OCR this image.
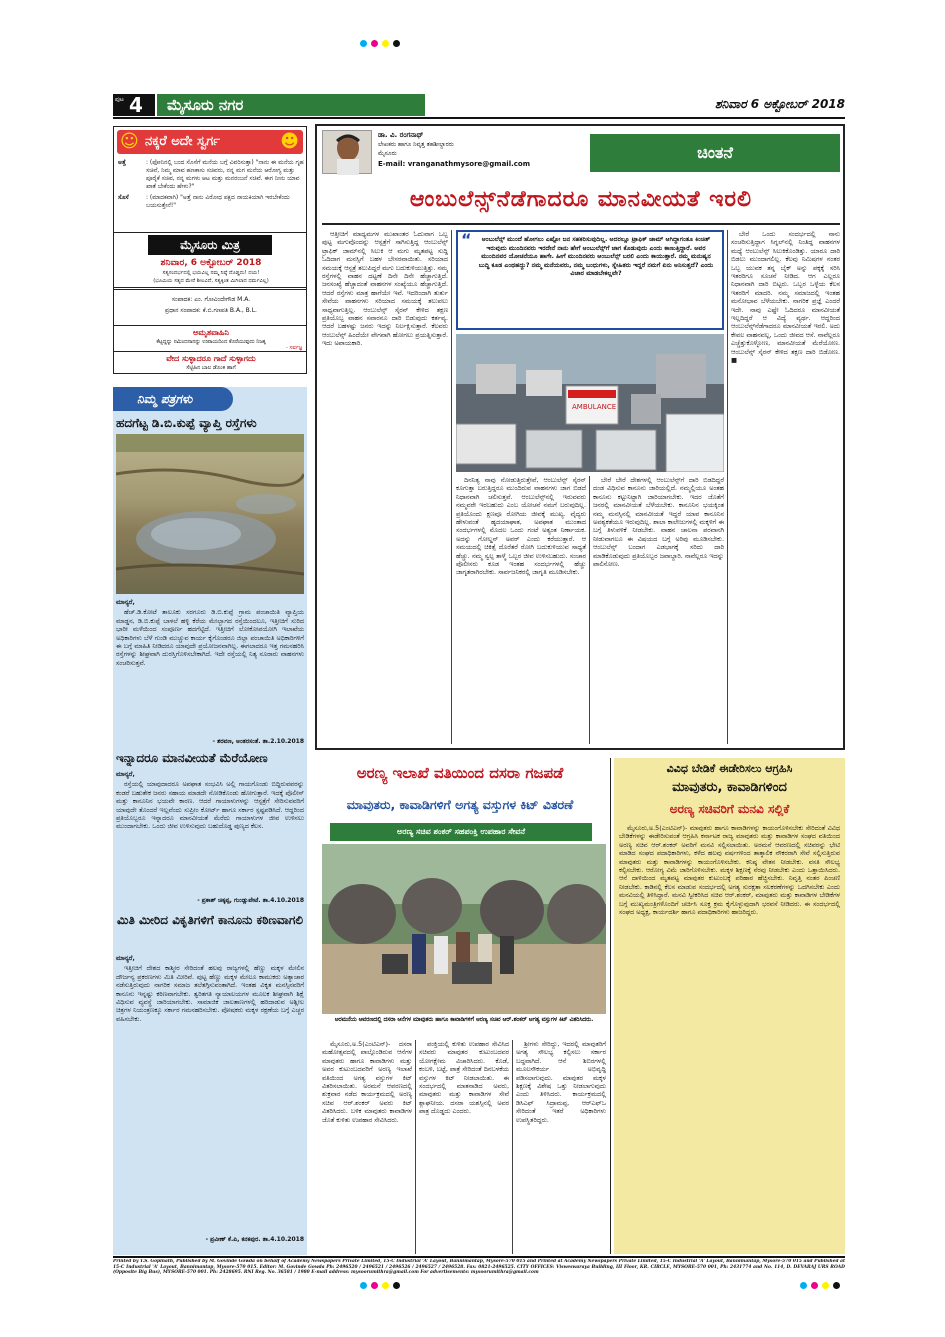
ಪುಟ 4 ಮೈಸೂರು ನಗರ	ಶನಿವಾರ 6 ಅಕ್ಟೋಬರ್ 2018
☺ ನಕ್ಕರೆ ಅದೇ ಸ್ವರ್ಗ	☻
ಅತ್ತೆ	: (ಫೋನಿನಲ್ಲಿ ಬಂದ ಸೊಸೆಗೆ ಮನೆಯ ಬಗ್ಗೆ ವಿವರಿಸುತ್ತಾ) "ನಾನು ಈ ಮನೆಯ ಗೃಹ ಸಚಿವೆ, ನಿಮ್ಮ ಮಾವ ಹಣಕಾಸು ಸಚಿವರು, ನನ್ನ ಮಗ ಮನೆಯ ಆರೋಗ್ಯ ಮತ್ತು ಪೂರೈಕೆ ಸಚಿವ, ನನ್ನ ಮಗಳು ಆಟ ಮತ್ತು ಮನರಂಜನೆ ಸಚಿವೆ. ಈಗ ನೀನು ಯಾವ ಖಾತೆ ಬೇಕೆಂದು ಹೇಳು?"
ಸೊಸೆ	: (ಮಾದಕವಾಗಿ) "ಅತ್ತೆ ನಾನು ವಿರೋಧ ಪಕ್ಷದ ನಾಯಕಿಯಾಗಿ ಇರಬೇಕೆಂದು ಬಯಸುತ್ತೇನೆ!"
ಮೈಸೂರು ಮಿತ್ರ
ಶನಿವಾರ, 6 ಅಕ್ಟೋಬರ್ 2018
ಸತ್ಯಸಂದರ್ಭದಲ್ಲಿ ಭಯವಿಲ್ಲ ನಮ್ಮ ನಿಷ್ಠೆ ದೊಡ್ಡದು! ದಯ!
(ಭೂಮಿಯ ಸತ್ಯದ ಮೇರೆ ಶೀಲವಿದೆ, ಸತ್ಯಕ್ಕಿಂತ ಮಿಗಿಲಾದ ಧರ್ಮವಿಲ್ಲ)
ಸಂಪಾದಕ: ಎಂ. ಗೋವಿಂದೇಗೌಡ M.A.
ಪ್ರಧಾನ ಸಂಪಾದಕ: ಕೆ.ಬಿ.ಗಣಪತಿ B.A., B.L.
ಅಮೃತವಾಹಿನಿ
ಕೆಟ್ಟದ್ದನ್ನು ನಮಿಂದನಾನನ್ನು ಉಪಾಯದಿಂದ ಕೊರೆಯುವುದು ನಿಜಕ್ಕ
- ಸರ್ವಜ್ಞ
ವೇದ ಸುಳ್ಳಾದರೂ ಗಾದೆ ಸುಳ್ಳಾಗದು
ಸೆಟ್ಟಿಹಿನ ಬಾಲ ಡೊಂಕ ಹಾಗೆ
ನಿಮ್ಮ ಪತ್ರಗಳು
ಹದಗೆಟ್ಟ ಡಿ.ಬಿ.ಕುಪ್ಪೆ ವ್ಯಾಪ್ತಿ ರಸ್ತೆಗಳು

ಮಾನ್ಯರೆ,

ಹೆಚ್.ಡಿ.ಕೋಟೆ ತಾಲೂಕು ಸರಗೂರು ಡಿ.ಬಿ.ಕುಪ್ಪೆ ಗ್ರಾಮ ಪಂಚಾಯಿತಿ ವ್ಯಾಪ್ತಿಯ ಮಾಡ್ಡನ, ಡಿ.ಬಿ.ಕುಪ್ಪೆ ಬಾಳಲೆ ಹಳ್ಳಿ ಕೆರೆಯ ಮೇಲ್ಭಾಗದ ರಸ್ತೆಯಿಂದಲೂ, ಇತ್ತೀಚಿಗೆ ಸುರಿದ ಭಾರೀ ಮಳೆಯಿಂದ ಸಂಪೂರ್ಣ ಹದಗೆಟ್ಟಿದೆ. ಇತ್ತೀಚಿಗೆ ಲೋಕೋಪಯೋಗಿ ಇಲಾಖೆಯ ಅಧಿಕಾರಿಗಳು ಬೆಳೆ ಗುಂಡಿ ಮುಚ್ಚುವ ಕಾರ್ಯ ಕೈಗೊಂಡರೂ ಜಿಲ್ಲಾ ಪಂಚಾಯಿತಿ ಅಧಿಕಾರಿಗಳಿಗೆ ಈ ಬಗ್ಗೆ ಮಾಹಿತಿ ನೀಡಿದರೂ ಯಾವುದೇ ಪ್ರಯೋಜನವಾಗಿಲ್ಲ. ಈಗಲಾದರೂ ಇತ್ತ ಗಮನಹರಿಸಿ ರಸ್ತೆಗಳನ್ನು ಶೀಘ್ರವಾಗಿ ದುರಸ್ತಿಗೊಳಿಸಬೇಕಾಗಿದೆ. ಇದೇ ರಸ್ತೆಯಲ್ಲಿ ನಿತ್ಯ ನೂರಾರು ವಾಹನಗಳು ಸಂಚರಿಸುತ್ತವೆ.

- ಶರವಣ, ಅಂತರಸಂತೆ. ತಾ.2.10.2018
ಇನ್ನಾದರೂ ಮಾನವೀಯತೆ ಮೆರೆಯೋಣ

ಮಾನ್ಯರೆ,

ರಸ್ತೆಯಲ್ಲಿ ಯಾವುದಾದರೂ ಅಪಘಾತ ಸಂಭವಿಸಿ ಅಲ್ಲಿ ಗಾಯಗೊಂಡು ಬಿದ್ದಿರುವವರನ್ನು ಕಂಡರೆ ಬಹುತೇಕ ಜನರು ಸಹಾಯ ಮಾಡದೇ ನೋಡಿಕೊಂಡು ಹೋಗುತ್ತಾರೆ. ಇದಕ್ಕೆ ಪೊಲೀಸ್ ಮತ್ತು ಕಾನೂನಿನ ಭಯವೇ ಕಾರಣ. ಆದರೆ ಗಾಯಾಳುಗಳನ್ನು ಆಸ್ಪತ್ರೆಗೆ ಸೇರಿಸುವವರಿಗೆ ಯಾವುದೇ ತೊಂದರೆ ಇಲ್ಲವೆಂದು ಸುಪ್ರೀಂ ಕೋರ್ಟ್ ಹಾಗೂ ಸರ್ಕಾರ ಸ್ಪಷ್ಟಪಡಿಸಿದೆ. ಆದ್ದರಿಂದ ಪ್ರತಿಯೊಬ್ಬರೂ ಇನ್ನಾದರೂ ಮಾನವೀಯತೆ ಮೆರೆದು ಗಾಯಾಳುಗಳ ಜೀವ ಉಳಿಸಲು ಮುಂದಾಗಬೇಕು. ಒಂದು ಜೀವ ಉಳಿಸುವುದು ಬಹುದೊಡ್ಡ ಪುಣ್ಯದ ಕೆಲಸ.

- ಪ್ರಕಾಶ್ ಚಿಕ್ಕಪ್ಪ, ಗುಂಡ್ಲುಪೇಟೆ. ತಾ.4.10.2018
ಮಿತಿ ಮೀರಿದ ವಿಕೃತಿಗಳಿಗೆ ಕಾನೂನು ಕಠಿಣವಾಗಲಿ

ಮಾನ್ಯರೆ,

ಇತ್ತೀಚಿಗೆ ದೇಶದ ಕಾಶ್ಮೀರ ಸೇರಿದಂತೆ ಹಲವು ರಾಜ್ಯಗಳಲ್ಲಿ ಹೆಣ್ಣು ಮಕ್ಕಳ ಮೇಲಿನ ದೌರ್ಜನ್ಯ ಪ್ರಕರಣಗಳು ಮಿತಿ ಮೀರಿವೆ. ಪುಟ್ಟ ಹೆಣ್ಣು ಮಕ್ಕಳ ಮೇಲೂ ಕಾಮುಕರು ಅತ್ಯಾಚಾರ ನಡೆಸುತ್ತಿರುವುದು ನಾಗರಿಕ ಸಮಾಜ ತಲೆತಗ್ಗಿಸುವಂತಾಗಿದೆ. ಇಂತಹ ವಿಕೃತ ಮನಸ್ಸಿನವರಿಗೆ ಕಾನೂನು ಇನ್ನಷ್ಟು ಕಠಿಣವಾಗಬೇಕು. ತ್ವರಿತಗತಿ ನ್ಯಾಯಾಲಯಗಳ ಮೂಲಕ ಶೀಘ್ರವಾಗಿ ಶಿಕ್ಷೆ ವಿಧಿಸುವ ವ್ಯವಸ್ಥೆ ಜಾರಿಯಾಗಬೇಕು. ಸಾಮಾಜಿಕ ಜಾಲತಾಣಗಳಲ್ಲಿ ಹರಿದಾಡುವ ಅಶ್ಲೀಲ ಚಿತ್ರಗಳ ನಿಯಂತ್ರಣಕ್ಕೂ ಸರ್ಕಾರ ಗಮನಹರಿಸಬೇಕು. ಪೋಷಕರು ಮಕ್ಕಳ ರಕ್ಷಣೆಯ ಬಗ್ಗೆ ಎಚ್ಚರ ವಹಿಸಬೇಕು.

- ಪ್ರವೀಣ್ ಕೆ.ಪಿ, ಕನಕಪುರ. ತಾ.4.10.2018
ಡಾ. ವಿ. ರಂಗನಾಥ್
ಲೇಖಕರು ಹಾಗೂ ನಿವೃತ್ತ ತಹಶೀಲ್ದಾರರು
ಮೈಸೂರು
E-mail: vranganathmysore@gmail.com
ಚಿಂತನೆ
ಆಂಬುಲೆನ್ಸ್‌ನೆಡೆಗಾದರೂ ಮಾನವೀಯತೆ ಇರಲಿ

ಆತ್ತೀಚಿಗೆ ಮಾಧ್ಯಮಗಳ ಮುಖಾಂತರ ಓದುವಾಗ ಒಬ್ಬ ಪುಟ್ಟ ಮಗುವೊಂದನ್ನು ಆಸ್ಪತ್ರೆಗೆ ಸಾಗಿಸುತ್ತಿದ್ದ ಆಂಬುಲೆನ್ಸ್ ಟ್ರಾಫಿಕ್ ಜಾಮ್‌ನಲ್ಲಿ ಸಿಲುಕಿ ಆ ಮಗು ಮೃತಪಟ್ಟ ಸುದ್ದಿ ಓದಿದಾಗ ಮನಸ್ಸಿಗೆ ಬಹಳ ಬೇಸರವಾಯಿತು. ಸರಿಯಾದ ಸಮಯಕ್ಕೆ ಆಸ್ಪತ್ರೆ ತಲುಪಿದ್ದರೆ ಮಗು ಬದುಕುಳಿಯುತ್ತಿತ್ತು. ನಮ್ಮ ರಸ್ತೆಗಳಲ್ಲಿ ವಾಹನ ದಟ್ಟಣೆ ದಿನೇ ದಿನೇ ಹೆಚ್ಚಾಗುತ್ತಿದೆ. ಜನಸಂಖ್ಯೆ ಹೆಚ್ಚಾದಂತೆ ವಾಹನಗಳ ಸಂಖ್ಯೆಯೂ ಹೆಚ್ಚಾಗುತ್ತಿದೆ. ಆದರೆ ರಸ್ತೆಗಳು ಮಾತ್ರ ಹಾಗೆಯೇ ಇವೆ. ಇದರಿಂದಾಗಿ ತುರ್ತು ಸೇವೆಯ ವಾಹನಗಳು ಸರಿಯಾದ ಸಮಯಕ್ಕೆ ತಲುಪಲು ಸಾಧ್ಯವಾಗುತ್ತಿಲ್ಲ. ಆಂಬುಲೆನ್ಸ್ ಸೈರನ್ ಕೇಳಿದ ತಕ್ಷಣ ಪ್ರತಿಯೊಬ್ಬ ವಾಹನ ಸವಾರನೂ ದಾರಿ ಬಿಡುವುದು ಕರ್ತವ್ಯ. ಆದರೆ ಬಹಳಷ್ಟು ಜನರು ಇದನ್ನು ನಿರ್ಲಕ್ಷಿಸುತ್ತಾರೆ. ಕೆಲವರು ಆಂಬುಲೆನ್ಸ್ ಹಿಂದೆಯೇ ವೇಗವಾಗಿ ಹೋಗಲು ಪ್ರಯತ್ನಿಸುತ್ತಾರೆ. ಇದು ಅಪಾಯಕಾರಿ.

“	ಆಂಬುಲೆನ್ಸ್ ಮುಂದೆ ಹೋಗಲು ಎಷ್ಟೋ ಜನ ಸಹಕರಿಸುವುದಿಲ್ಲ. ಅದರಲ್ಲೂ ಟ್ರಾಫಿಕ್ ಜಾಮ್ ಆಗಿದ್ದಾಗಂತೂ ಕಿಂಚಿತ್ ಇರುವುದು ಮುಂದಿನವರು ಇರದೇನೆ ನಾನು ಹೇಗೆ ಆಂಬುಲೆನ್ಸ್‌ಗೆ ಜಾಗ ಕೊಡುವುದು ಎಂದು ಕಾಣುತ್ತಿದ್ದಾರೆ. ಅವರ ಮುಂದಿನವರ ಯೋಚನೆಯೂ ಹಾಗೇ. ಹೀಗೆ ಮುಂದಿನವರು ಆಂಬುಲೆನ್ಸ್ ಬರಲಿ ಎಂದು ಕಾಯುತ್ತಾರೆ. ನಮ್ಮ ಮನುಷ್ಯನ ಬುದ್ಧಿ ಕೂಡ ಎಂಥಹದ್ದು? ನಮ್ಮ ಮನೆಯವರು, ನಮ್ಮ ಬಂಧುಗಳು, ಸ್ನೇಹಿತರು ಇದ್ದರೆ ನಮಗೆ ಏನು ಅನಿಸುತ್ತದೆ? ಎಂದು ವಿಚಾರ ಮಾಡಬೇಕಲ್ಲವೇ?
AMBULANCE

ದಿನನಿತ್ಯ ನಾವು ನೋಡುತ್ತಿರುತ್ತೇವೆ, ಆಂಬುಲೆನ್ಸ್ ಸೈರನ್ ಕೂಗುತ್ತಾ ಬರುತ್ತಿದ್ದರೂ ಮುಂದಿರುವ ವಾಹನಗಳು ಜಾಗ ಬಿಡದೆ ನಿಧಾನವಾಗಿ ಚಲಿಸುತ್ತವೆ. ಆಂಬುಲೆನ್ಸ್‌ನಲ್ಲಿ ಇರುವವರು ನಮ್ಮವರೇ ಇರಬಹುದು ಎಂಬ ಯೋಚನೆ ನಮಗೆ ಬರುವುದಿಲ್ಲ. ಪ್ರತಿಯೊಂದು ಕ್ಷಣವೂ ರೋಗಿಯ ಜೀವಕ್ಕೆ ಮುಖ್ಯ. ವೈದ್ಯರು ಹೇಳುವಂತೆ ಹೃದಯಾಘಾತ, ಅಪಘಾತ ಮುಂತಾದ ಸಂದರ್ಭಗಳಲ್ಲಿ ಮೊದಲ ಒಂದು ಗಂಟೆ ಅತ್ಯಂತ ನಿರ್ಣಾಯಕ. ಅದನ್ನು ಗೋಲ್ಡನ್ ಅವರ್ ಎಂದು ಕರೆಯುತ್ತಾರೆ. ಆ ಸಮಯದಲ್ಲಿ ಚಿಕಿತ್ಸೆ ದೊರೆತರೆ ರೋಗಿ ಬದುಕುಳಿಯುವ ಸಾಧ್ಯತೆ ಹೆಚ್ಚು. ನಮ್ಮ ಸ್ವಲ್ಪ ತಾಳ್ಮೆ ಒಬ್ಬರ ಜೀವ ಉಳಿಸಬಹುದು. ಸಂಚಾರ ಪೊಲೀಸರು ಕೂಡ ಇಂತಹ ಸಂದರ್ಭಗಳಲ್ಲಿ ಹೆಚ್ಚು ಜಾಗೃತರಾಗಿರಬೇಕು. ಸಾರ್ವಜನಿಕರಲ್ಲಿ ಜಾಗೃತಿ ಮೂಡಿಸಬೇಕು.

ಬೇರೆ ಬೇರೆ ದೇಶಗಳಲ್ಲಿ ಆಂಬುಲೆನ್ಸ್‌ಗೆ ದಾರಿ ಬಿಡದಿದ್ದರೆ ದಂಡ ವಿಧಿಸುವ ಕಾನೂನು ಜಾರಿಯಲ್ಲಿದೆ. ನಮ್ಮಲ್ಲಿಯೂ ಅಂತಹ ಕಾನೂನು ಕಟ್ಟುನಿಟ್ಟಾಗಿ ಜಾರಿಯಾಗಬೇಕು. ಇದರ ಜೊತೆಗೆ ಜನರಲ್ಲಿ ಮಾನವೀಯತೆ ಬೆಳೆಯಬೇಕು. ಕಾನೂನಿನ ಭಯಕ್ಕಿಂತ ನಮ್ಮ ಮನಸ್ಸಿನಲ್ಲಿ ಮಾನವೀಯತೆ ಇದ್ದರೆ ಯಾವ ಕಾನೂನಿನ ಅವಶ್ಯಕತೆಯೂ ಇರುವುದಿಲ್ಲ. ಶಾಲಾ ಕಾಲೇಜುಗಳಲ್ಲಿ ಮಕ್ಕಳಿಗೆ ಈ ಬಗ್ಗೆ ತಿಳುವಳಿಕೆ ನೀಡಬೇಕು. ವಾಹನ ಚಾಲನಾ ಪರವಾನಗಿ ನೀಡುವಾಗಲೂ ಈ ವಿಷಯದ ಬಗ್ಗೆ ಅರಿವು ಮೂಡಿಸಬೇಕು. ಆಂಬುಲೆನ್ಸ್ ಬಂದಾಗ ಎಡಭಾಗಕ್ಕೆ ಸರಿದು ದಾರಿ ಮಾಡಿಕೊಡುವುದು ಪ್ರತಿಯೊಬ್ಬರ ಜವಾಬ್ದಾರಿ. ನಾವೆಲ್ಲರೂ ಇದನ್ನು ಪಾಲಿಸೋಣ.

ಬೇರೆ ಒಂದು ಸಂದರ್ಭದಲ್ಲಿ ನಾನು ಸಂಚರಿಸುತ್ತಿದ್ದಾಗ ಸಿಗ್ನಲ್‌ನಲ್ಲಿ ನಿಂತಿದ್ದ ವಾಹನಗಳ ಮಧ್ಯೆ ಆಂಬುಲೆನ್ಸ್ ಸಿಲುಕಿಕೊಂಡಿತ್ತು. ಯಾರೂ ದಾರಿ ಬಿಡಲು ಮುಂದಾಗಲಿಲ್ಲ. ಕೆಲವು ನಿಮಿಷಗಳ ನಂತರ ಒಬ್ಬ ಯುವಕ ತನ್ನ ಬೈಕ್ ಅನ್ನು ಪಕ್ಕಕ್ಕೆ ಸರಿಸಿ ಇತರರಿಗೂ ಸೂಚನೆ ನೀಡಿದ. ಆಗ ಎಲ್ಲರೂ ನಿಧಾನವಾಗಿ ದಾರಿ ಬಿಟ್ಟರು. ಒಬ್ಬರ ಒಳ್ಳೆಯ ಕೆಲಸ ಇತರರಿಗೆ ಮಾದರಿ. ನಮ್ಮ ಸಮಾಜದಲ್ಲಿ ಇಂತಹ ಮನೋಭಾವ ಬೆಳೆಯಬೇಕು. ನಾಗರಿಕ ಪ್ರಜ್ಞೆ ಎಂದರೆ ಇದೇ. ನಾವು ಎಷ್ಟೇ ಓದಿದರೂ ಮಾನವೀಯತೆ ಇಲ್ಲದಿದ್ದರೆ ಆ ವಿದ್ಯೆ ವ್ಯರ್ಥ. ಆದ್ದರಿಂದ ಆಂಬುಲೆನ್ಸ್‌ನೆಡೆಗಾದರೂ ಮಾನವೀಯತೆ ಇರಲಿ. ಅದು ಕೇವಲ ವಾಹನವಲ್ಲ, ಒಂದು ಜೀವದ ಆಸೆ. ನಾವೆಲ್ಲರೂ ಎಚ್ಚೆತ್ತುಕೊಳ್ಳೋಣ, ಮಾನವೀಯತೆ ಮೆರೆಯೋಣ. ಆಂಬುಲೆನ್ಸ್ ಸೈರನ್ ಕೇಳಿದ ತಕ್ಷಣ ದಾರಿ ಬಿಡೋಣ. ■

ಅರಣ್ಯ ಇಲಾಖೆ ವತಿಯಿಂದ ದಸರಾ ಗಜಪಡೆ
ಮಾವುತರು, ಕಾವಾಡಿಗಳಿಗೆ ಅಗತ್ಯ ವಸ್ತುಗಳ ಕಿಟ್ ವಿತರಣೆ
ಅರಣ್ಯ ಸಚಿವ ಶಂಕರ್ ಸಹಪಂಕ್ತಿ ಉಪಹಾರ ಸೇವನೆ
ಅರಮನೆಯ ಆವರಣದಲ್ಲಿ ದಸರಾ ಆನೆಗಳ ಮಾವುತರು ಹಾಗೂ ಕಾವಾಡಿಗಳಿಗೆ ಅರಣ್ಯ ಸಚಿವ ಆರ್.ಶಂಕರ್ ಅಗತ್ಯ ವಸ್ತುಗಳ ಕಿಟ್ ವಿತರಿಸಿದರು.

ಮೈಸೂರು,ಅ.5(ಎಂಟಿಎನ್)- ದಸರಾ ಮಹೋತ್ಸವದಲ್ಲಿ ಪಾಲ್ಗೊಂಡಿರುವ ಆನೆಗಳ ಮಾವುತರು ಹಾಗೂ ಕಾವಾಡಿಗಳು ಮತ್ತು ಅವರ ಕುಟುಂಬದವರಿಗೆ ಅರಣ್ಯ ಇಲಾಖೆ ವತಿಯಿಂದ ಅಗತ್ಯ ವಸ್ತುಗಳ ಕಿಟ್ ವಿತರಿಸಲಾಯಿತು. ಅರಮನೆ ಆವರಣದಲ್ಲಿ ಶುಕ್ರವಾರ ನಡೆದ ಕಾರ್ಯಕ್ರಮದಲ್ಲಿ ಅರಣ್ಯ ಸಚಿವ ಆರ್.ಶಂಕರ್ ಅವರು ಕಿಟ್ ವಿತರಿಸಿದರು. ಬಳಿಕ ಮಾವುತರು ಕಾವಾಡಿಗಳ ಜೊತೆ ಕುಳಿತು ಉಪಹಾರ ಸೇವಿಸಿದರು.

ಪಂಕ್ತಿಯಲ್ಲಿ ಕುಳಿತು ಉಪಹಾರ ಸೇವಿಸಿದ ಸಚಿವರು ಮಾವುತರ ಕುಟುಂಬದವರ ಯೋಗಕ್ಷೇಮ ವಿಚಾರಿಸಿದರು. ಕೊಡೆ, ಕಂಬಳಿ, ಬಟ್ಟೆ, ಪಾತ್ರೆ ಸೇರಿದಂತೆ ದಿನಬಳಕೆಯ ವಸ್ತುಗಳ ಕಿಟ್ ನೀಡಲಾಯಿತು. ಈ ಸಂದರ್ಭದಲ್ಲಿ ಮಾತನಾಡಿದ ಅವರು, ಮಾವುತರು ಮತ್ತು ಕಾವಾಡಿಗಳ ಸೇವೆ ಶ್ಲಾಘನೀಯ. ದಸರಾ ಯಶಸ್ಸಿನಲ್ಲಿ ಅವರ ಪಾತ್ರ ದೊಡ್ಡದು ಎಂದರು.

ಶ್ರೀಗಳು ಸೇರಿದ್ದು, ಇದರಲ್ಲಿ ಮಾವುತರಿಗೆ ಅಗತ್ಯ ಸೌಲಭ್ಯ ಕಲ್ಪಿಸಲು ಸರ್ಕಾರ ಬದ್ಧವಾಗಿದೆ. ಆನೆ ಶಿಬಿರಗಳಲ್ಲಿ ಮೂಲಸೌಕರ್ಯ ಅಭಿವೃದ್ಧಿ ಪಡಿಸಲಾಗುವುದು. ಮಾವುತರ ಮಕ್ಕಳ ಶಿಕ್ಷಣಕ್ಕೆ ವಿಶೇಷ ಒತ್ತು ನೀಡಲಾಗುವುದು ಎಂದು ತಿಳಿಸಿದರು. ಕಾರ್ಯಕ್ರಮದಲ್ಲಿ ಡಿಸಿಎಫ್ ಸಿದ್ರಾಮಪ್ಪ, ಆರ್‌ಎಫ್‌ಒ ಸೇರಿದಂತೆ ಇತರೆ ಅಧಿಕಾರಿಗಳು ಉಪಸ್ಥಿತರಿದ್ದರು.

ವಿವಿಧ ಬೇಡಿಕೆ ಈಡೇರಿಸಲು ಆಗ್ರಹಿಸಿ
ಮಾವುತರು, ಕಾವಾಡಿಗಳಿಂದ
ಅರಣ್ಯ ಸಚಿವರಿಗೆ ಮನವಿ ಸಲ್ಲಿಕೆ

ಮೈಸೂರು,ಅ.5(ಎಂಟಿಎನ್)- ಮಾವುತರು ಹಾಗೂ ಕಾವಾಡಿಗಳನ್ನು ಕಾಯಂಗೊಳಿಸಬೇಕು ಸೇರಿದಂತೆ ವಿವಿಧ ಬೇಡಿಕೆಗಳನ್ನು ಈಡೇರಿಸುವಂತೆ ಆಗ್ರಹಿಸಿ ಕರ್ನಾಟಕ ರಾಜ್ಯ ಮಾವುತರು ಮತ್ತು ಕಾವಾಡಿಗಳ ಸಂಘದ ವತಿಯಿಂದ ಅರಣ್ಯ ಸಚಿವ ಆರ್.ಶಂಕರ್ ಅವರಿಗೆ ಮನವಿ ಸಲ್ಲಿಸಲಾಯಿತು. ಅರಮನೆ ಆವರಣದಲ್ಲಿ ಸಚಿವರನ್ನು ಭೇಟಿ ಮಾಡಿದ ಸಂಘದ ಪದಾಧಿಕಾರಿಗಳು, ಕಳೆದ ಹಲವು ವರ್ಷಗಳಿಂದ ತಾತ್ಕಾಲಿಕ ನೌಕರರಾಗಿ ಸೇವೆ ಸಲ್ಲಿಸುತ್ತಿರುವ ಮಾವುತರು ಮತ್ತು ಕಾವಾಡಿಗಳನ್ನು ಕಾಯಂಗೊಳಿಸಬೇಕು. ಕನಿಷ್ಠ ವೇತನ ನೀಡಬೇಕು. ವಸತಿ ಸೌಲಭ್ಯ ಕಲ್ಪಿಸಬೇಕು. ಆರೋಗ್ಯ ವಿಮೆ ಜಾರಿಗೊಳಿಸಬೇಕು. ಮಕ್ಕಳ ಶಿಕ್ಷಣಕ್ಕೆ ನೆರವು ನೀಡಬೇಕು ಎಂದು ಒತ್ತಾಯಿಸಿದರು. ಆನೆ ದಾಳಿಯಿಂದ ಮೃತಪಟ್ಟ ಮಾವುತರ ಕುಟುಂಬಕ್ಕೆ ಪರಿಹಾರ ಹೆಚ್ಚಿಸಬೇಕು. ನಿವೃತ್ತಿ ನಂತರ ಪಿಂಚಣಿ ನೀಡಬೇಕು. ಕಾಡಿನಲ್ಲಿ ಕೆಲಸ ಮಾಡುವ ಸಂದರ್ಭದಲ್ಲಿ ಅಗತ್ಯ ಸುರಕ್ಷತಾ ಸಲಕರಣೆಗಳನ್ನು ಒದಗಿಸಬೇಕು ಎಂದು ಮನವಿಯಲ್ಲಿ ತಿಳಿಸಿದ್ದಾರೆ. ಮನವಿ ಸ್ವೀಕರಿಸಿದ ಸಚಿವ ಆರ್.ಶಂಕರ್, ಮಾವುತರು ಮತ್ತು ಕಾವಾಡಿಗಳ ಬೇಡಿಕೆಗಳ ಬಗ್ಗೆ ಮುಖ್ಯಮಂತ್ರಿಗಳೊಂದಿಗೆ ಚರ್ಚಿಸಿ ಸೂಕ್ತ ಕ್ರಮ ಕೈಗೊಳ್ಳುವುದಾಗಿ ಭರವಸೆ ನೀಡಿದರು. ಈ ಸಂದರ್ಭದಲ್ಲಿ ಸಂಘದ ಅಧ್ಯಕ್ಷ, ಕಾರ್ಯದರ್ಶಿ ಹಾಗೂ ಪದಾಧಿಕಾರಿಗಳು ಹಾಜರಿದ್ದರು.

Printed by T.S. Gopinath, Published by M. Govinde Gowda on behalf of Academy Newspapers Private Limited, 15-C Industrial 'A' Layout, Bannimantap, Mysore-570 015 and Printed at Academy Newspapers Private Limited, 15-C Industrial 'A' Layout, Bannimantap, Mysore-570 015 and Published at 15-C Industrial 'A' Layout, Bannimantap, Mysore-570 015. Editor: M. Govinde Gowda Ph: 2496520 / 2496521 / 2496526 / 2496527 / 2496528. Fax: 0821-2496525. CITY OFFICES: Visweswaraya Building, III Floor, KR. CIRCLE, MYSORE-570 001, Ph: 2431774 and No. 114, D. DEVARAJ URS ROAD (Opposite Big Bus), MYSORE-570 001. Ph: 2428695. RNI Reg. No. 36581 / 1980 E-mail address: mysoorumithra@gmail.com For advertisements: mysoorumithra@gmail.com
